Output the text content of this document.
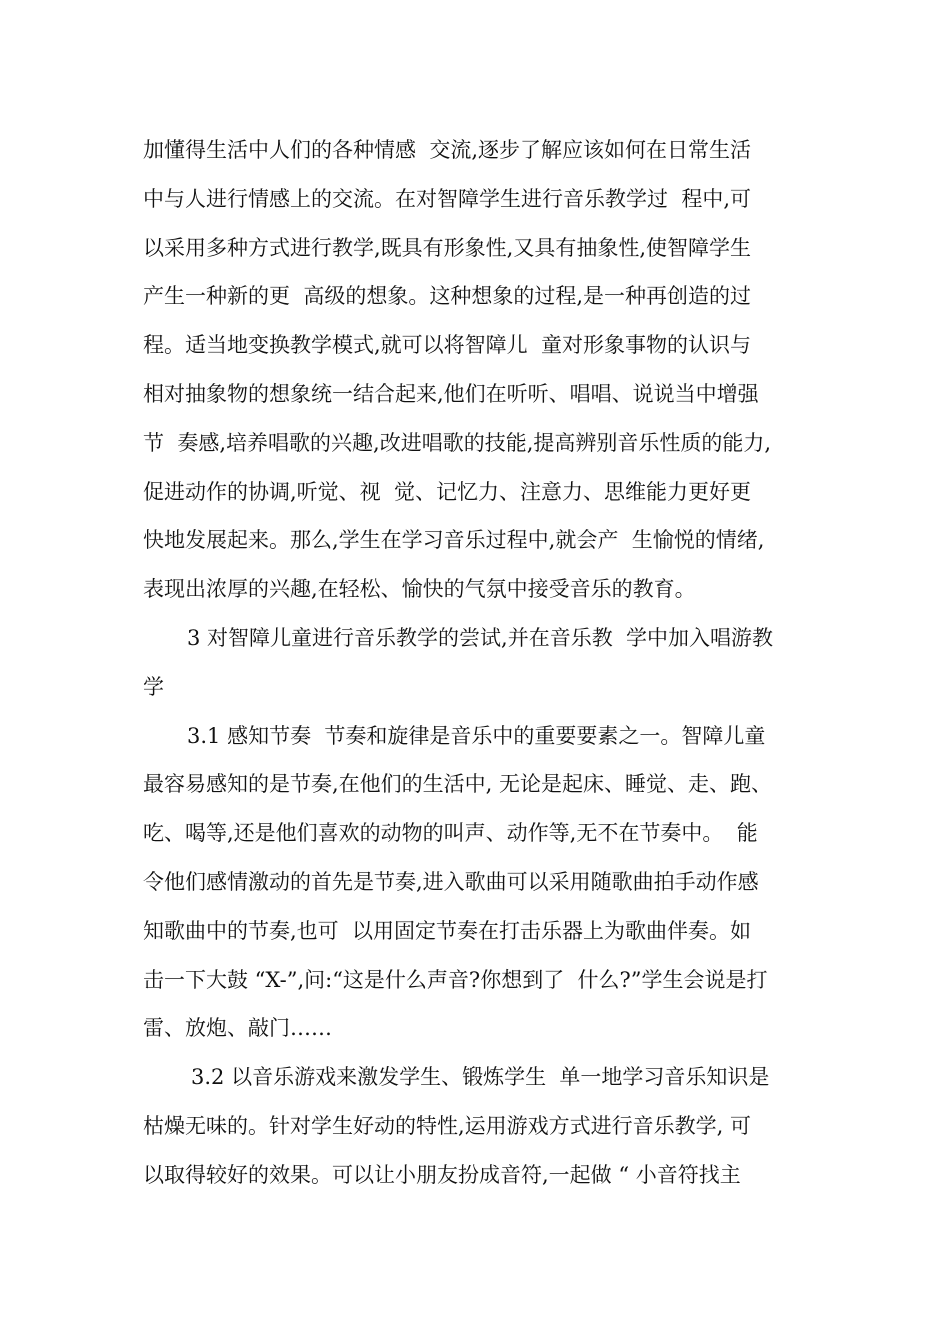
加懂得生活中人们的各种情感  交流,逐步了解应该如何在日常生活
中与人进行情感上的交流。在对智障学生进行音乐教学过  程中,可
以采用多种方式进行教学,既具有形象性,又具有抽象性,使智障学生
产生一种新的更  高级的想象。这种想象的过程,是一种再创造的过
程。适当地变换教学模式,就可以将智障儿  童对形象事物的认识与
相对抽象物的想象统一结合起来,他们在听听、唱唱、说说当中增强
节  奏感,培养唱歌的兴趣,改进唱歌的技能,提高辨别音乐性质的能力,
促进动作的协调,听觉、视  觉、记忆力、注意力、思维能力更好更
快地发展起来。那么,学生在学习音乐过程中,就会产  生愉悦的情绪,
表现出浓厚的兴趣,在轻松、愉快的气氛中接受音乐的教育。
3 对智障儿童进行音乐教学的尝试,并在音乐教  学中加入唱游教
学
3.1 感知节奏  节奏和旋律是音乐中的重要要素之一。智障儿童
最容易感知的是节奏,在他们的生活中, 无论是起床、睡觉、走、跑、
吃、喝等,还是他们喜欢的动物的叫声、动作等,无不在节奏中。  能
令他们感情激动的首先是节奏,进入歌曲可以采用随歌曲拍手动作感
知歌曲中的节奏,也可  以用固定节奏在打击乐器上为歌曲伴奏。如
击一下大鼓 “X-”,问:“这是什么声音?你想到了  什么?”学生会说是打
雷、放炮、敲门……
3.2 以音乐游戏来激发学生、锻炼学生  单一地学习音乐知识是
枯燥无味的。针对学生好动的特性,运用游戏方式进行音乐教学, 可
以取得较好的效果。可以让小朋友扮成音符,一起做 “ 小音符找主
